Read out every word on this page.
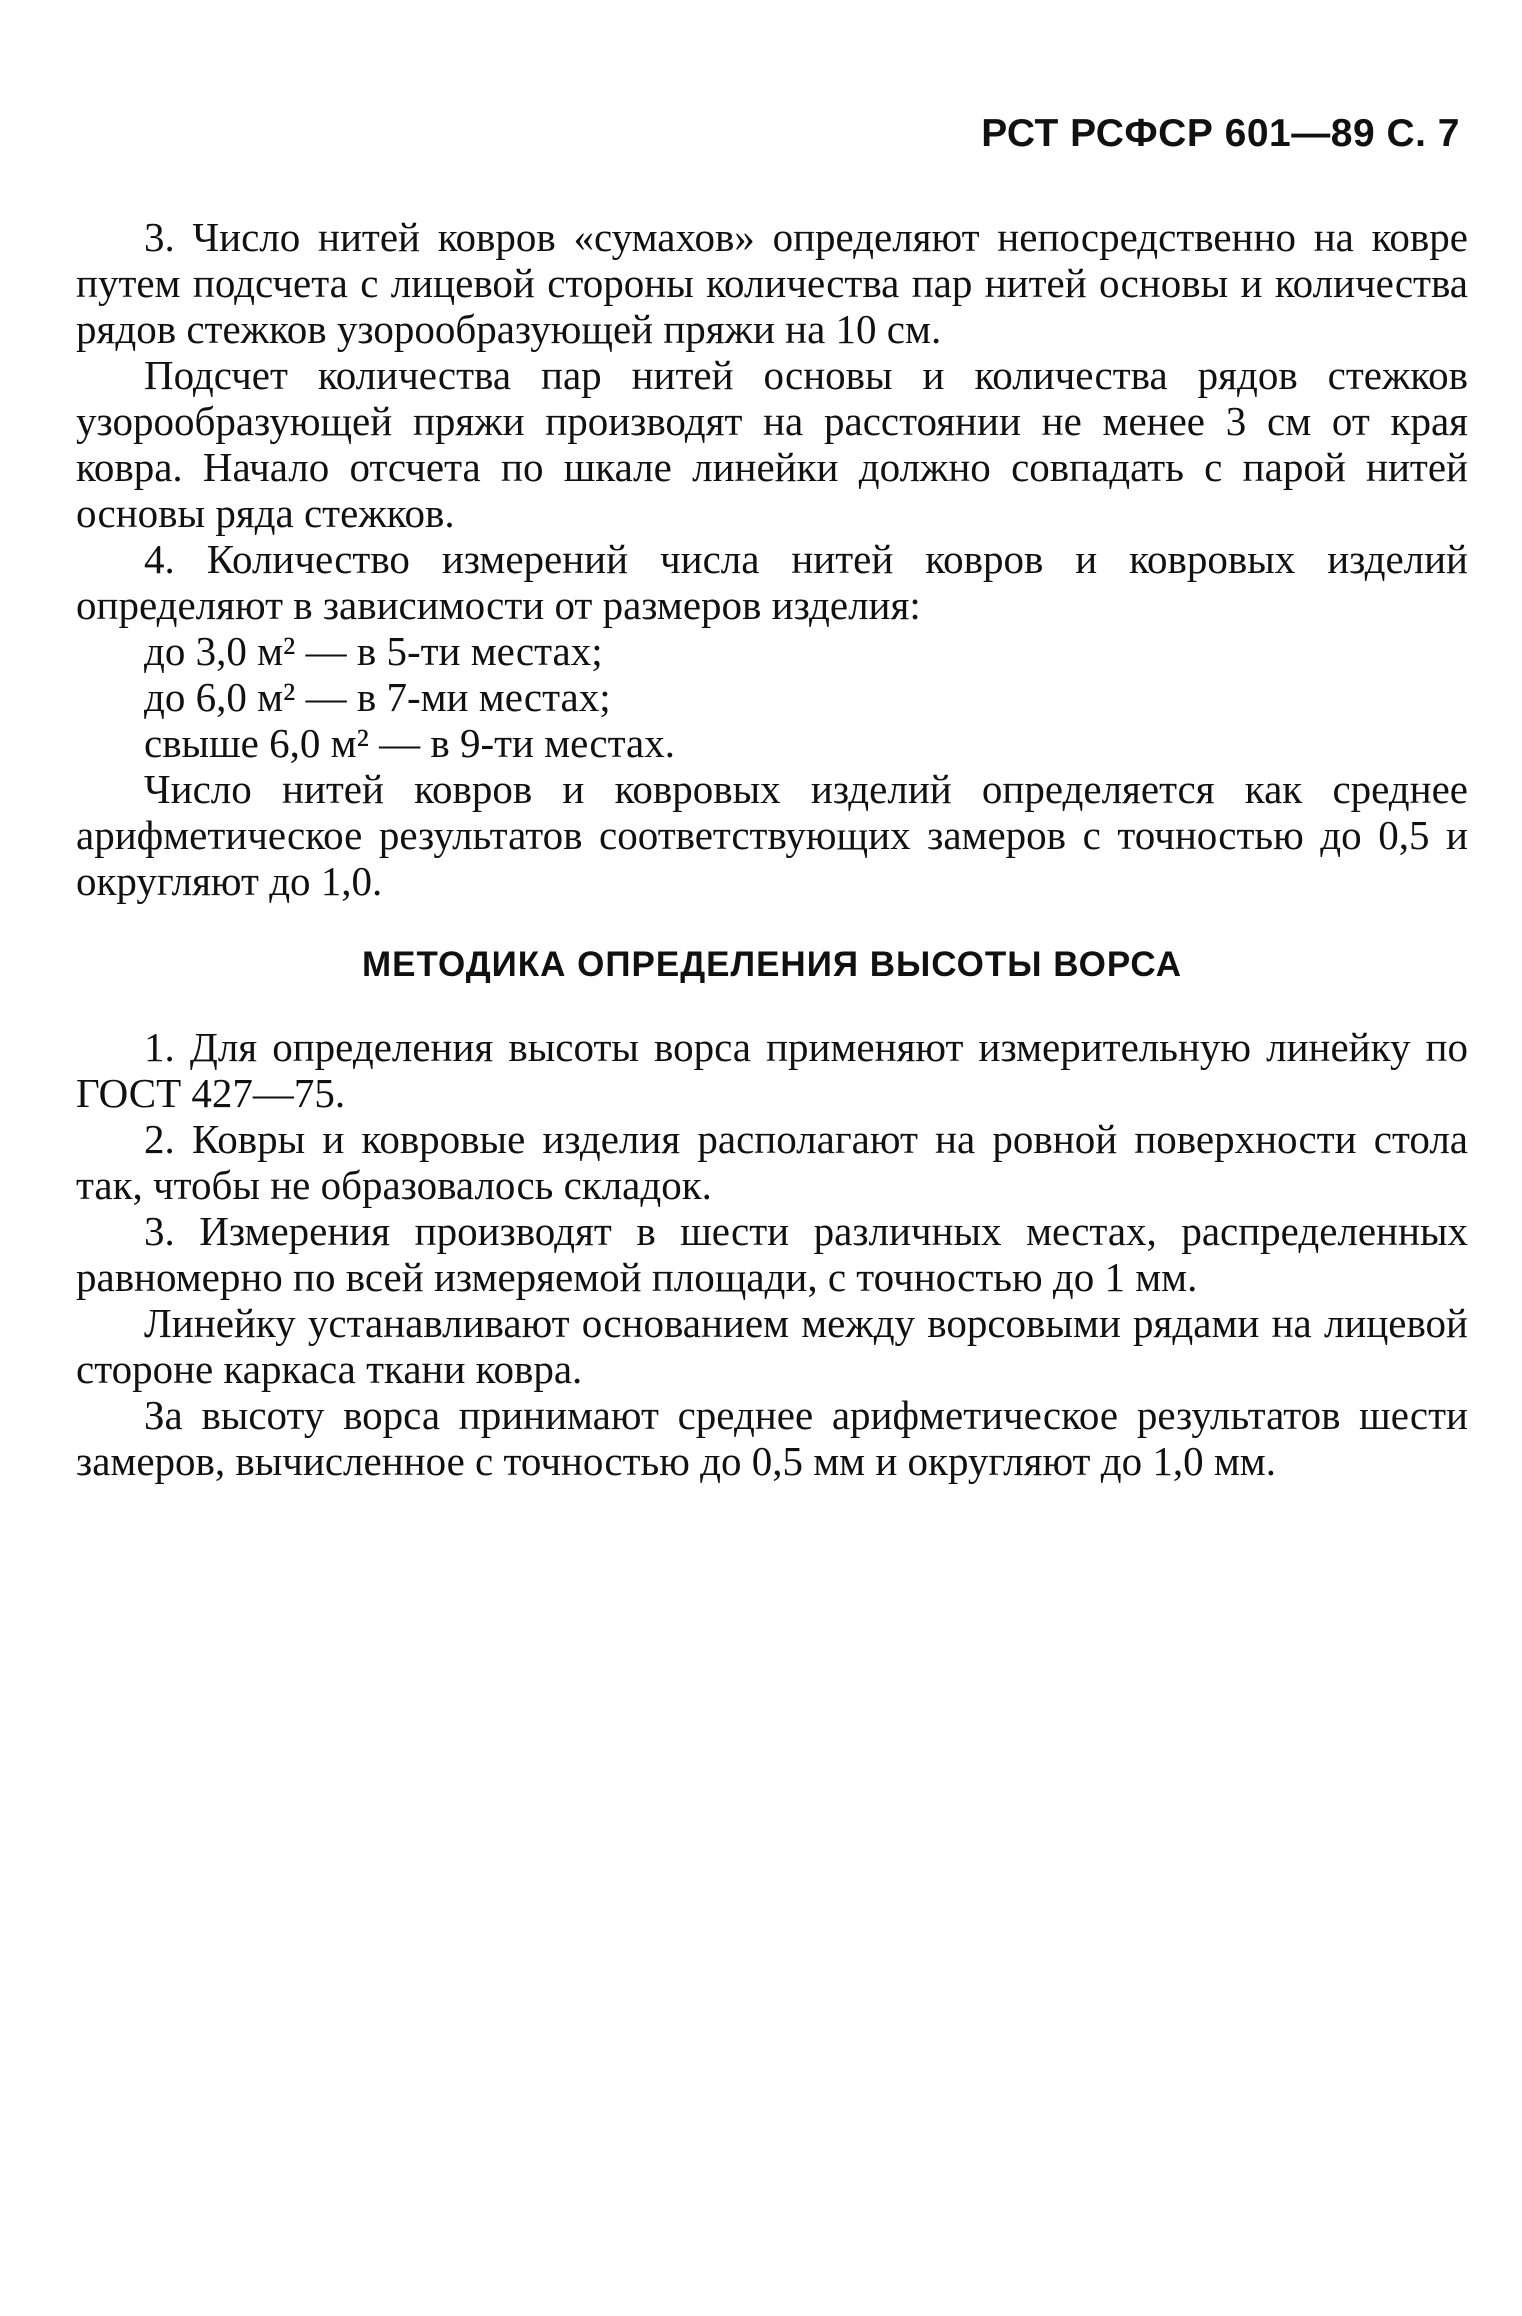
РСТ РСФСР 601—89 С. 7

3. Число нитей ковров «сумахов» определяют непосредственно на ковре путем подсчета с лицевой стороны количества пар нитей основы и количества рядов стежков узорообразующей пряжи на 10 см.

Подсчет количества пар нитей основы и количества рядов стежков узорообразующей пряжи производят на расстоянии не менее 3 см от края ковра. Начало отсчета по шкале линейки должно совпадать с парой нитей основы ряда стежков.

4. Количество измерений числа нитей ковров и ковровых изделий определяют в зависимости от размеров изделия:

до 3,0 м² — в 5-ти местах;

до 6,0 м² — в 7-ми местах;

свыше 6,0 м² — в 9-ти местах.

Число нитей ковров и ковровых изделий определяется как среднее арифметическое результатов соответствующих замеров с точностью до 0,5 и округляют до 1,0.

МЕТОДИКА ОПРЕДЕЛЕНИЯ ВЫСОТЫ ВОРСА

1. Для определения высоты ворса применяют измерительную линейку по ГОСТ 427—75.

2. Ковры и ковровые изделия располагают на ровной поверхности стола так, чтобы не образовалось складок.

3. Измерения производят в шести различных местах, распределенных равномерно по всей измеряемой площади, с точностью до 1 мм.

Линейку устанавливают основанием между ворсовыми рядами на лицевой стороне каркаса ткани ковра.

За высоту ворса принимают среднее арифметическое результатов шести замеров, вычисленное с точностью до 0,5 мм и округляют до 1,0 мм.
